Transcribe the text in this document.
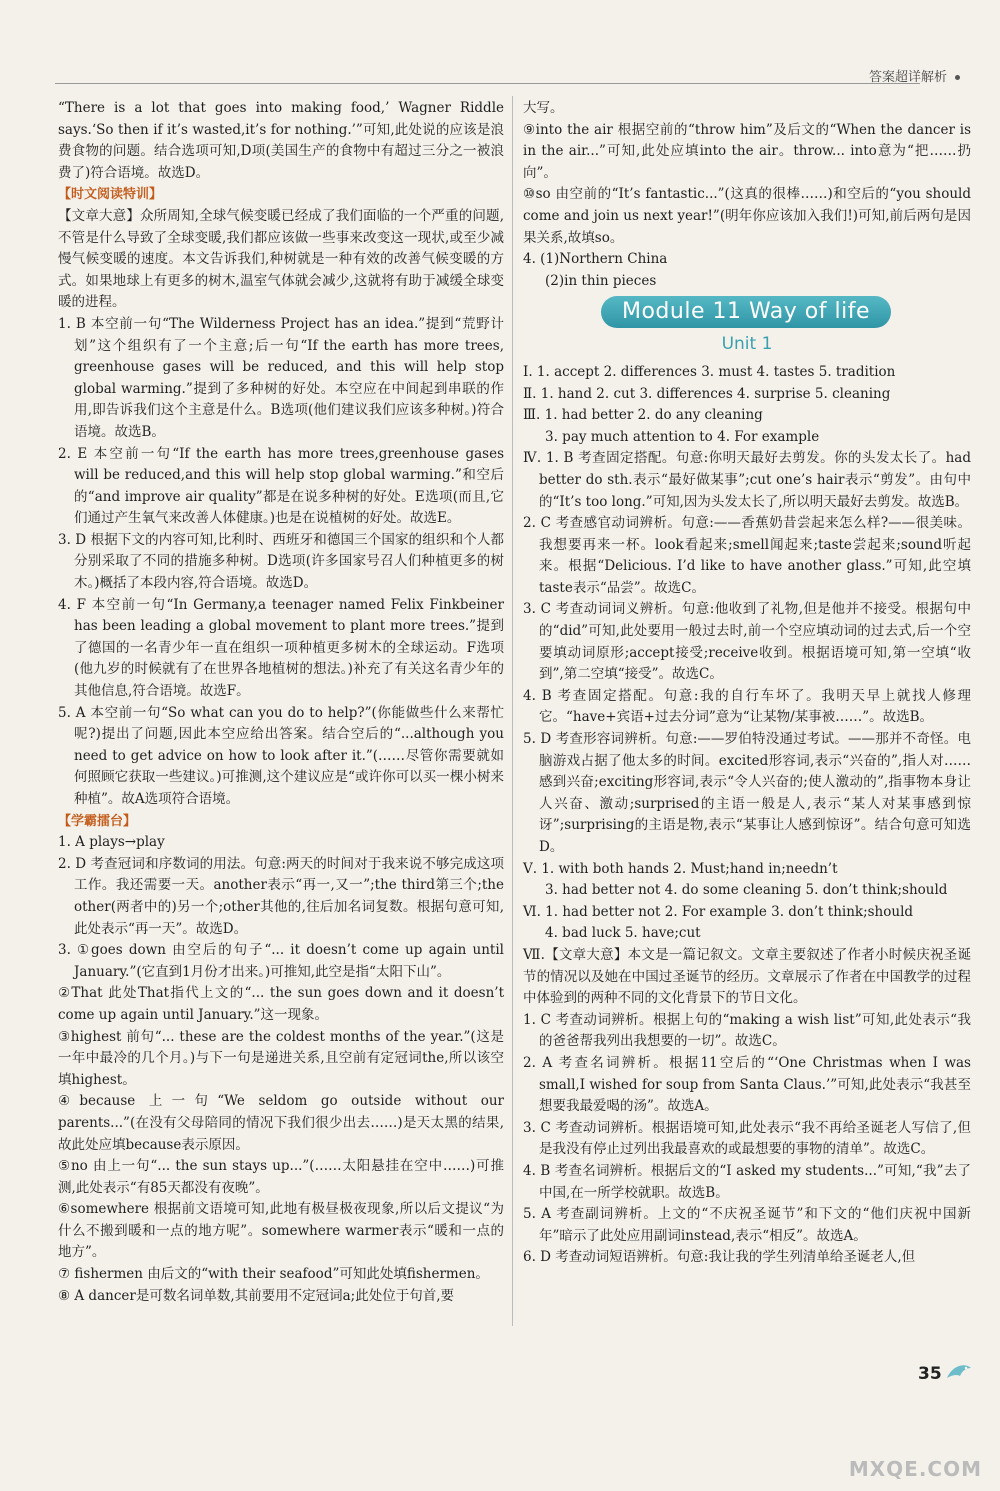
答案超详解析

“There is a lot that goes into making food,’ Wagner Riddle says.‘So then if it’s wasted,it’s for nothing.’”可知,此处说的应该是浪费食物的问题。结合选项可知,D项(美国生产的食物中有超过三分之一被浪费了)符合语境。故选D。

【时文阅读特训】

【文章大意】众所周知,全球气候变暖已经成了我们面临的一个严重的问题,不管是什么导致了全球变暖,我们都应该做一些事来改变这一现状,或至少减慢气候变暖的速度。本文告诉我们,种树就是一种有效的改善气候变暖的方式。如果地球上有更多的树木,温室气体就会减少,这就将有助于减缓全球变暖的进程。

1. B 本空前一句“The Wilderness Project has an idea.”提到“荒野计划”这个组织有了一个主意;后一句“If the earth has more trees, greenhouse gases will be reduced, and this will help stop global warming.”提到了多种树的好处。本空应在中间起到串联的作用,即告诉我们这个主意是什么。B选项(他们建议我们应该多种树。)符合语境。故选B。

2. E 本空前一句“If the earth has more trees,greenhouse gases will be reduced,and this will help stop global warming.”和空后的“and improve air quality”都是在说多种树的好处。E选项(而且,它们通过产生氧气来改善人体健康。)也是在说植树的好处。故选E。

3. D 根据下文的内容可知,比利时、西班牙和德国三个国家的组织和个人都分别采取了不同的措施多种树。D选项(许多国家号召人们种植更多的树木。)概括了本段内容,符合语境。故选D。

4. F 本空前一句“In Germany,a teenager named Felix Finkbeiner has been leading a global movement to plant more trees.”提到了德国的一名青少年一直在组织一项种植更多树木的全球运动。F选项(他九岁的时候就有了在世界各地植树的想法。)补充了有关这名青少年的其他信息,符合语境。故选F。

5. A 本空前一句“So what can you do to help?”(你能做些什么来帮忙呢?)提出了问题,因此本空应给出答案。结合空后的“...although you need to get advice on how to look after it.”(……尽管你需要就如何照顾它获取一些建议。)可推测,这个建议应是“或许你可以买一棵小树来种植”。故A选项符合语境。

【学霸擂台】

1. A plays→play

2. D 考查冠词和序数词的用法。句意:两天的时间对于我来说不够完成这项工作。我还需要一天。another表示“再一,又一”;the third第三个;the other(两者中的)另一个;other其他的,往后加名词复数。根据句意可知,此处表示“再一天”。故选D。

3. ①goes down 由空后的句子“... it doesn’t come up again until January.”(它直到1月份才出来。)可推知,此空是指“太阳下山”。

②That 此处That指代上文的“... the sun goes down and it doesn’t come up again until January.”这一现象。

③highest 前句“... these are the coldest months of the year.”(这是一年中最冷的几个月。)与下一句是递进关系,且空前有定冠词the,所以该空填highest。

④because 上一句“We seldom go outside without our parents...”(在没有父母陪同的情况下我们很少出去……)是天太黑的结果,故此处应填because表示原因。

⑤no 由上一句“... the sun stays up...”(……太阳悬挂在空中……)可推测,此处表示“有85天都没有夜晚”。

⑥somewhere 根据前文语境可知,此地有极昼极夜现象,所以后文提议“为什么不搬到暖和一点的地方呢”。somewhere warmer表示“暖和一点的地方”。

⑦ fishermen 由后文的“with their seafood”可知此处填fishermen。

⑧ A dancer是可数名词单数,其前要用不定冠词a;此处位于句首,要

大写。

⑨into the air 根据空前的“throw him”及后文的“When the dancer is in the air...”可知,此处应填into the air。throw... into意为“把……扔向”。

⑩so 由空前的“It’s fantastic...”(这真的很棒……)和空后的“you should come and join us next year!”(明年你应该加入我们!)可知,前后两句是因果关系,故填so。

4. (1)Northern China

(2)in thin pieces

Module 11 Way of life
Unit 1

Ⅰ. 1. accept 2. differences 3. must 4. tastes 5. tradition

Ⅱ. 1. hand 2. cut 3. differences 4. surprise 5. cleaning

Ⅲ. 1. had better 2. do any cleaning

3. pay much attention to 4. For example

Ⅳ. 1. B 考查固定搭配。句意:你明天最好去剪发。你的头发太长了。had better do sth.表示“最好做某事”;cut one’s hair表示“剪发”。由句中的“It’s too long.”可知,因为头发太长了,所以明天最好去剪发。故选B。

2. C 考查感官动词辨析。句意:——香蕉奶昔尝起来怎么样?——很美味。我想要再来一杯。look看起来;smell闻起来;taste尝起来;sound听起来。根据“Delicious. I’d like to have another glass.”可知,此空填taste表示“品尝”。故选C。

3. C 考查动词词义辨析。句意:他收到了礼物,但是他并不接受。根据句中的“did”可知,此处要用一般过去时,前一个空应填动词的过去式,后一个空要填动词原形;accept接受;receive收到。根据语境可知,第一空填“收到”,第二空填“接受”。故选C。

4. B 考查固定搭配。句意:我的自行车坏了。我明天早上就找人修理它。“have+宾语+过去分词”意为“让某物/某事被……”。故选B。

5. D 考查形容词辨析。句意:——罗伯特没通过考试。——那并不奇怪。电脑游戏占据了他太多的时间。excited形容词,表示“兴奋的”,指人对……感到兴奋;exciting形容词,表示“令人兴奋的;使人激动的”,指事物本身让人兴奋、激动;surprised的主语一般是人,表示“某人对某事感到惊讶”;surprising的主语是物,表示“某事让人感到惊讶”。结合句意可知选D。

Ⅴ. 1. with both hands 2. Must;hand in;needn’t

3. had better not 4. do some cleaning 5. don’t think;should

Ⅵ. 1. had better not 2. For example 3. don’t think;should

4. bad luck 5. have;cut

Ⅶ.【文章大意】本文是一篇记叙文。文章主要叙述了作者小时候庆祝圣诞节的情况以及她在中国过圣诞节的经历。文章展示了作者在中国教学的过程中体验到的两种不同的文化背景下的节日文化。

1. C 考查动词辨析。根据上句的“making a wish list”可知,此处表示“我的爸爸帮我列出我想要的一切”。故选C。

2. A 考查名词辨析。根据11空后的“‘One Christmas when I was small,I wished for soup from Santa Claus.’”可知,此处表示“我甚至想要我最爱喝的汤”。故选A。

3. C 考查动词辨析。根据语境可知,此处表示“我不再给圣诞老人写信了,但是我没有停止过列出我最喜欢的或最想要的事物的清单”。故选C。

4. B 考查名词辨析。根据后文的“I asked my students...”可知,“我”去了中国,在一所学校就职。故选B。

5. A 考查副词辨析。上文的“不庆祝圣诞节”和下文的“他们庆祝中国新年”暗示了此处应用副词instead,表示“相反”。故选A。

6. D 考查动词短语辨析。句意:我让我的学生列清单给圣诞老人,但

35
MXQE.COM
